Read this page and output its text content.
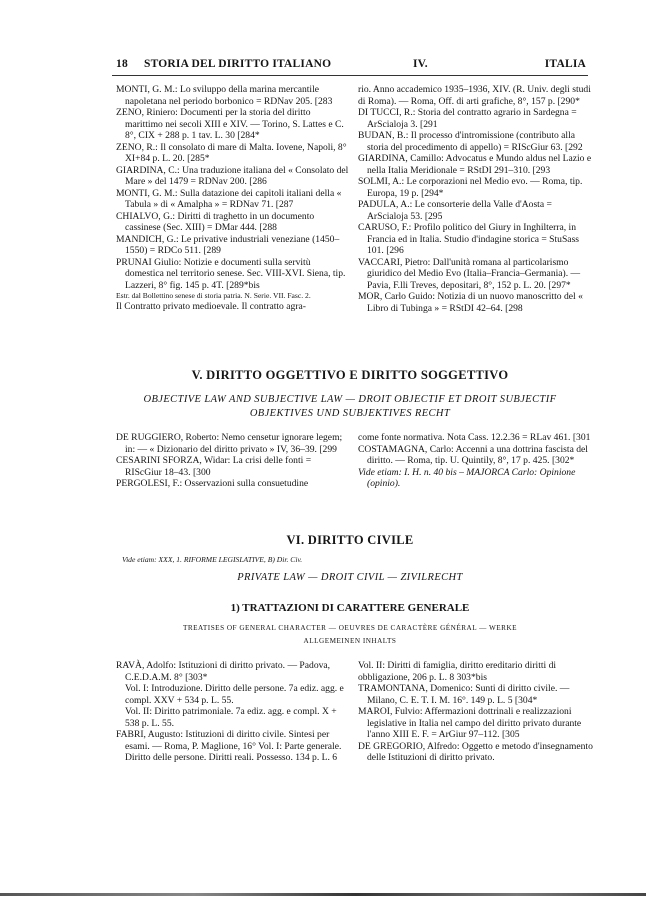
18 STORIA DEL DIRITTO ITALIANO	IV.	ITALIA

MONTI, G. M.: Lo sviluppo della marina mercantile napoletana nel periodo borbonico = RDNav 205. [283

ZENO, Riniero: Documenti per la storia del diritto marittimo nei secoli XIII e XIV. — Torino, S. Lattes e C. 8°, CIX + 288 p. 1 tav. L. 30 [284*

ZENO, R.: Il consolato di mare di Malta. Iovene, Napoli, 8° XI+84 p. L. 20. [285*

GIARDINA, C.: Una traduzione italiana del « Consolato del Mare » del 1479 = RDNav 200. [286

MONTI, G. M.: Sulla datazione dei capitoli italiani della « Tabula » di « Amalpha » = RDNav 71. [287

CHIALVO, G.: Diritti di traghetto in un documento cassinese (Sec. XIII) = DMar 444. [288

MANDICH, G.: Le privative industriali veneziane (1450–1550) = RDCo 511. [289

PRUNAI Giulio: Notizie e documenti sulla servitù domestica nel territorio senese. Sec. VIII-XVI. Siena, tip. Lazzeri, 8° fig. 145 p. 4T. [289*bis

Estr. dal Bollettino senese di storia patria. N. Serie. VII. Fasc. 2.

Il Contratto privato medioevale. Il contratto agra-

rio. Anno accademico 1935–1936, XIV. (R. Univ. degli studi di Roma). — Roma, Off. di arti grafiche, 8°, 157 p. [290*

DI TUCCI, R.: Storia del contratto agrario in Sardegna = ArScialoja 3. [291

BUDAN, B.: Il processo d'intromissione (contributo alla storia del procedimento di appello) = RIScGiur 63. [292

GIARDINA, Camillo: Advocatus e Mundo aldus nel Lazio e nella Italia Meridionale = RStDI 291–310. [293

SOLMI, A.: Le corporazioni nel Medio evo. — Roma, tip. Europa, 19 p. [294*

PADULA, A.: Le consorterie della Valle d'Aosta = ArScialoja 53. [295

CARUSO, F.: Profilo politico del Giury in Inghilterra, in Francia ed in Italia. Studio d'indagine storica = StuSass 101. [296

VACCARI, Pietro: Dall'unità romana al particolarismo giuridico del Medio Evo (Italia–Francia–Germania). — Pavia, F.lli Treves, depositari, 8°, 152 p. L. 20. [297*

MOR, Carlo Guido: Notizia di un nuovo manoscritto del « Libro di Tubinga » = RStDI 42–64. [298

V. DIRITTO OGGETTIVO E DIRITTO SOGGETTIVO
OBJECTIVE LAW AND SUBJECTIVE LAW — DROIT OBJECTIF ET DROIT SUBJECTIF
OBJEKTIVES UND SUBJEKTIVES RECHT

DE RUGGIERO, Roberto: Nemo censetur ignorare legem; in: — « Dizionario del diritto privato » IV, 36–39. [299

CESARINI SFORZA, Widar: La crisi delle fonti = RIScGiur 18–43. [300

PERGOLESI, F.: Osservazioni sulla consuetudine

come fonte normativa. Nota Cass. 12.2.36 = RLav 461. [301

COSTAMAGNA, Carlo: Accenni a una dottrina fascista del diritto. — Roma, tip. U. Quintily, 8°, 17 p. 425. [302*

Vide etiam: I. H. n. 40 bis – MAJORCA Carlo: Opinione (opinio).

VI. DIRITTO CIVILE
Vide etiam: XXX, 1. RIFORME LEGISLATIVE, B) Dir. Civ.
PRIVATE LAW — DROIT CIVIL — ZIVILRECHT
1) TRATTAZIONI DI CARATTERE GENERALE
TREATISES OF GENERAL CHARACTER — OEUVRES DE CARACTÈRE GÉNÉRAL — WERKE
ALLGEMEINEN INHALTS

RAVÀ, Adolfo: Istituzioni di diritto privato. — Padova, C.E.D.A.M. 8° [303*

Vol. I: Introduzione. Diritto delle persone. 7a ediz. agg. e compl. XXV + 534 p. L. 55.

Vol. II: Diritto patrimoniale. 7a ediz. agg. e compl. X + 538 p. L. 55.

FABRI, Augusto: Istituzioni di diritto civile. Sintesi per esami. — Roma, P. Maglione, 16° Vol. I: Parte generale. Diritto delle persone. Diritti reali. Possesso. 134 p. L. 6

Vol. II: Diritti di famiglia, diritto ereditario diritti di obbligazione, 206 p. L. 8 303*bis

TRAMONTANA, Domenico: Sunti di diritto civile. — Milano, C. E. T. I. M. 16°. 149 p. L. 5 [304*

MAROI, Fulvio: Affermazioni dottrinali e realizzazioni legislative in Italia nel campo del diritto privato durante l'anno XIII E. F. = ArGiur 97–112. [305

DE GREGORIO, Alfredo: Oggetto e metodo d'insegnamento delle Istituzioni di diritto privato.
